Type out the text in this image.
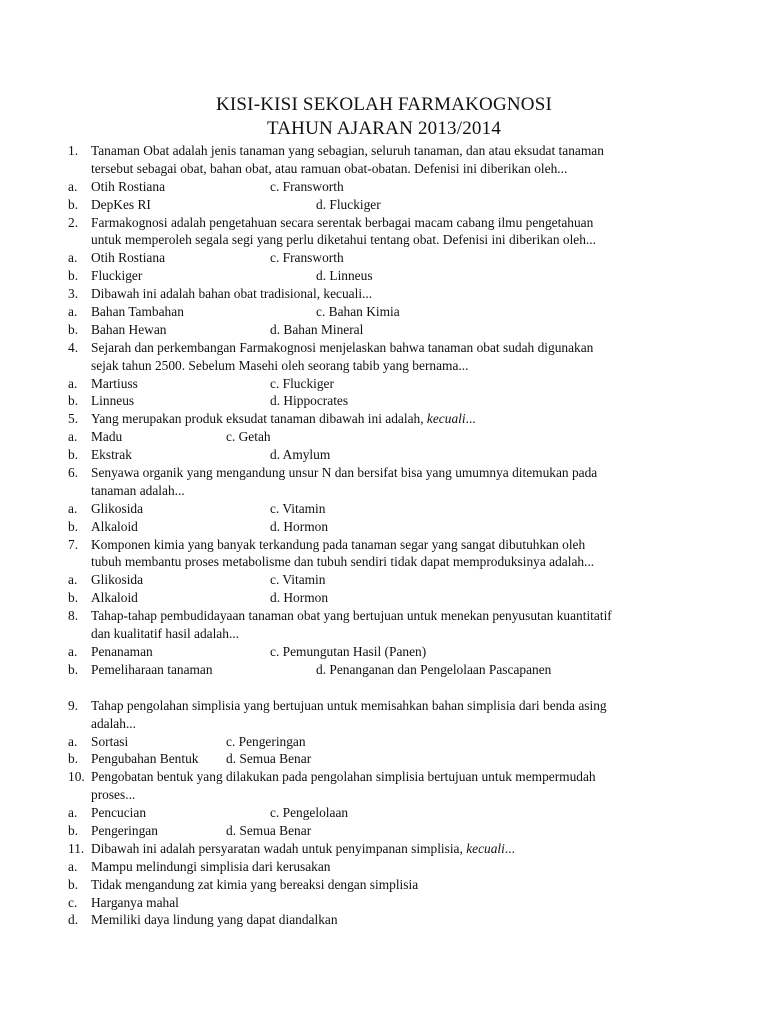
KISI-KISI SEKOLAH FARMAKOGNOSI
TAHUN AJARAN 2013/2014
1. Tanaman Obat adalah jenis tanaman yang sebagian, seluruh tanaman, dan atau eksudat tanaman
tersebut sebagai obat, bahan obat, atau ramuan obat-obatan. Defenisi ini diberikan oleh...
a. Otih Rostiana	c. Fransworth
b. DepKes RI	d. Fluckiger
2. Farmakognosi adalah pengetahuan secara serentak berbagai macam cabang ilmu pengetahuan
untuk memperoleh segala segi yang perlu diketahui tentang obat. Defenisi ini diberikan oleh...
a. Otih Rostiana	c. Fransworth
b. Fluckiger	d. Linneus
3. Dibawah ini adalah bahan obat tradisional, kecuali...
a. Bahan Tambahan	c. Bahan Kimia
b. Bahan Hewan	d. Bahan Mineral
4. Sejarah dan perkembangan Farmakognosi menjelaskan bahwa tanaman obat sudah digunakan
sejak tahun 2500. Sebelum Masehi oleh seorang tabib yang bernama...
a. Martiuss	c. Fluckiger
b. Linneus	d. Hippocrates
5. Yang merupakan produk eksudat tanaman dibawah ini adalah, kecuali...
a. Madu	c. Getah
b. Ekstrak	d. Amylum
6. Senyawa organik yang mengandung unsur N dan bersifat bisa yang umumnya ditemukan pada
tanaman adalah...
a. Glikosida	c. Vitamin
b. Alkaloid	d. Hormon
7. Komponen kimia yang banyak terkandung pada tanaman segar yang sangat dibutuhkan oleh
tubuh membantu proses metabolisme dan tubuh sendiri tidak dapat memproduksinya adalah...
a. Glikosida	c. Vitamin
b. Alkaloid	d. Hormon
8. Tahap-tahap pembudidayaan tanaman obat yang bertujuan untuk menekan penyusutan kuantitatif
dan kualitatif hasil adalah...
a. Penanaman	c. Pemungutan Hasil (Panen)
b. Pemeliharaan tanaman	d. Penanganan dan Pengelolaan Pascapanen
9. Tahap pengolahan simplisia yang bertujuan untuk memisahkan bahan simplisia dari benda asing
adalah...
a. Sortasi	c. Pengeringan
b. Pengubahan Bentuk d. Semua Benar
10. Pengobatan bentuk yang dilakukan pada pengolahan simplisia bertujuan untuk mempermudah
proses...
a. Pencucian	c. Pengelolaan
b. Pengeringan	d. Semua Benar
11. Dibawah ini adalah persyaratan wadah untuk penyimpanan simplisia, kecuali...
a. Mampu melindungi simplisia dari kerusakan
b. Tidak mengandung zat kimia yang bereaksi dengan simplisia
c. Harganya mahal
d. Memiliki daya lindung yang dapat diandalkan
